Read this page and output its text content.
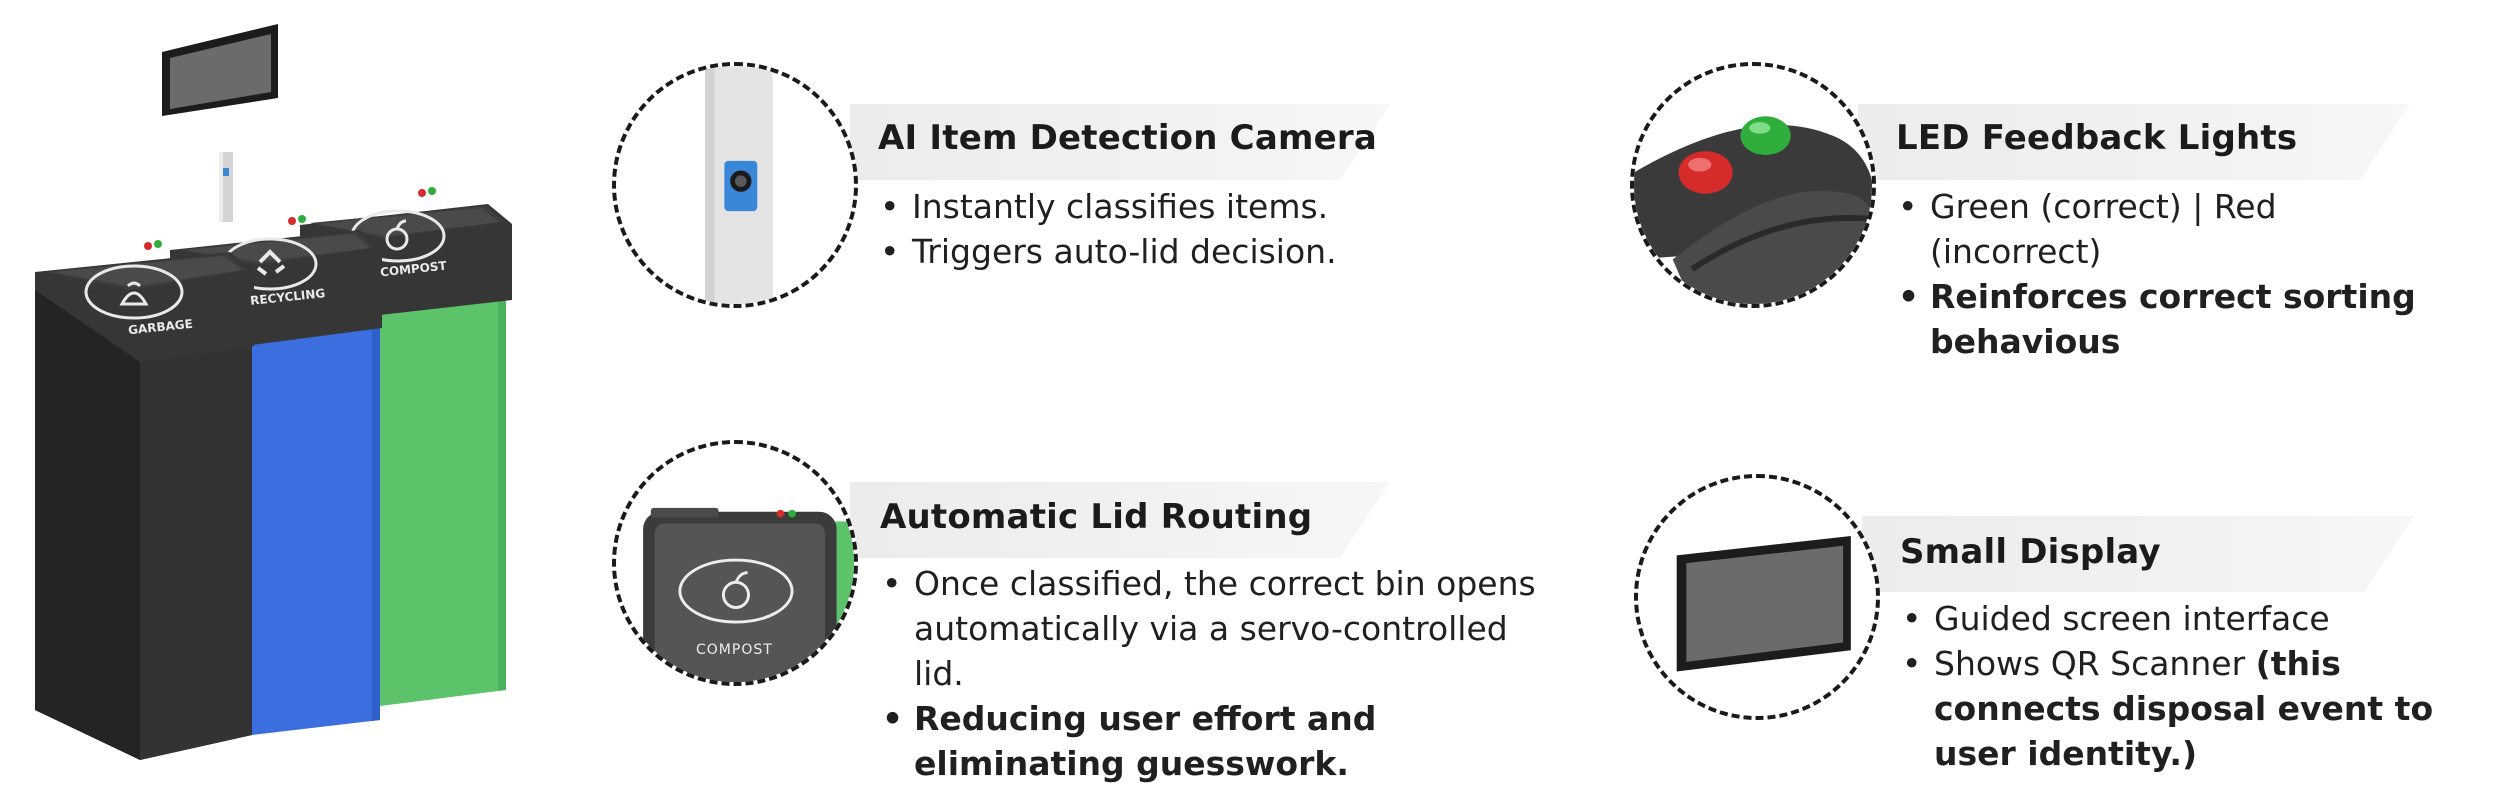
GARBAGE
RECYCLING
COMPOST
AI Item Detection Camera
• Instantly classifies items.
• Triggers auto-lid decision.
COMPOST
Automatic Lid Routing
• Once classified, the correct bin opens automatically via a servo-controlled lid.
• Reducing user effort and eliminating guesswork.
LED Feedback Lights
• Green (correct) | Red (incorrect)
• Reinforces correct sorting behavious
Small Display
• Guided screen interface
• Shows QR Scanner (this connects disposal event to user identity.)
